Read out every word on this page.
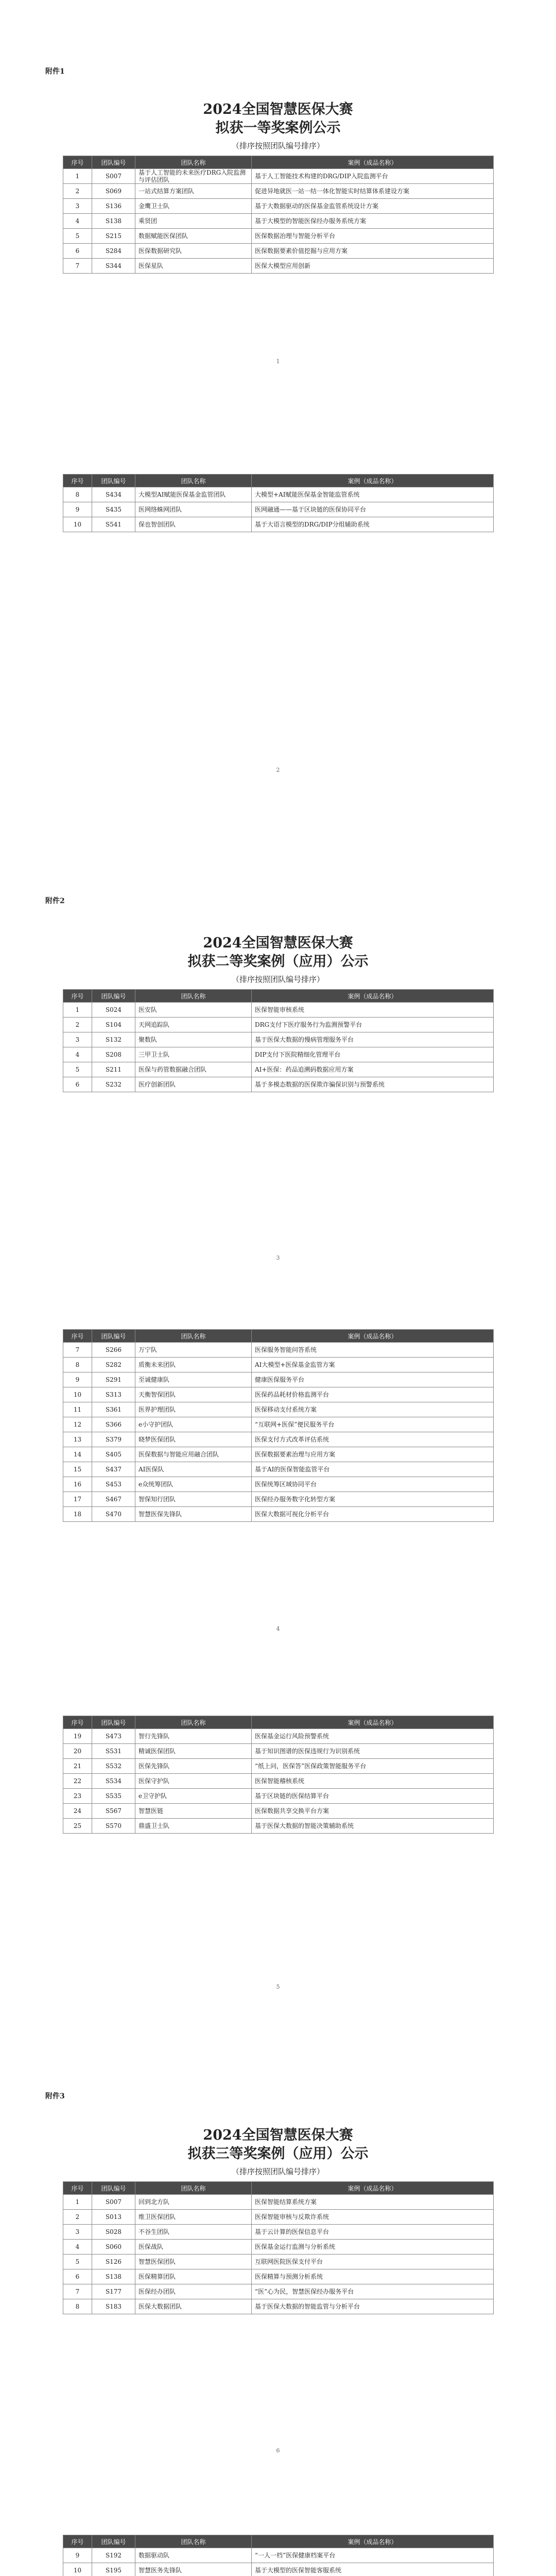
附件1
2024全国智慧医保大赛
拟获一等奖案例公示
（排序按照团队编号排序）
序号	团队编号	团队名称	案例（成品名称）
1	S007	基于人工智能的未来医疗DRG入院监测与评估团队	基于人工智能技术构建的DRG/DIP入院监测平台
2	S069	一站式结算方案团队	促进异地就医一站一结一体化智能实时结算体系建设方案
3	S136	金鹰卫士队	基于大数据驱动的医保基金监管系统设计方案
4	S138	乘贤团	基于大模型的智能医保经办服务系统方案
5	S215	数据赋能医保团队	医保数据治理与智能分析平台
6	S284	医保数据研究队	医保数据要素价值挖掘与应用方案
7	S344	医保星队	医保大模型应用创新
1
序号	团队编号	团队名称	案例（成品名称）
8	S434	大模型AI赋能医保基金监管团队	大模型+AI赋能医保基金智能监管系统
9	S435	医网络蛛网团队	医网融通——基于区块链的医保协同平台
10	S541	保也智创团队	基于大语言模型的DRG/DIP分组辅助系统
2
附件2
2024全国智慧医保大赛
拟获二等奖案例（应用）公示
（排序按照团队编号排序）
序号	团队编号	团队名称	案例（成品名称）
1	S024	医安队	医保智能审核系统
2	S104	天网追踪队	DRG支付下医疗服务行为监测预警平台
3	S132	聚数队	基于医保大数据的慢病管理服务平台
4	S208	三甲卫士队	DIP支付下医院精细化管理平台
5	S211	医保与药管数据融合团队	AI+医保：药品追溯码数据应用方案
6	S232	医疗创新团队	基于多模态数据的医保欺诈骗保识别与预警系统
3
序号	团队编号	团队名称	案例（成品名称）
7	S266	万宁队	医保服务智能问答系统
8	S282	质衡未来团队	AI大模型+医保基金监管方案
9	S291	至诚健康队	健康医保服务平台
10	S313	天衡智保团队	医保药品耗材价格监测平台
11	S361	医界护理团队	医保移动支付系统方案
12	S366	e小守护团队	“互联网+医保”便民服务平台
13	S379	晓梦医保团队	医保支付方式改革评估系统
14	S405	医保数据与智能应用融合团队	医保数据要素治理与应用方案
15	S437	AI医保队	基于AI的医保智能监管平台
16	S453	e众统筹团队	医保统筹区域协同平台
17	S467	智保知行团队	医保经办服务数字化转型方案
18	S470	智慧医保先锋队	医保大数据可视化分析平台
4
序号	团队编号	团队名称	案例（成品名称）
19	S473	智行先锋队	医保基金运行风险预警系统
20	S531	精诚医保团队	基于知识图谱的医保违规行为识别系统
21	S532	医保先锋队	“纸上问，医保答”医保政策智能服务平台
22	S534	医保守护队	医保智能稽核系统
23	S535	e卫守护队	基于区块链的医保结算平台
24	S567	智慧医链	医保数据共享交换平台方案
25	S570	鼎盛卫士队	基于医保大数据的智能决策辅助系统
5
附件3
2024全国智慧医保大赛
拟获三等奖案例（应用）公示
（排序按照团队编号排序）
序号	团队编号	团队名称	案例（成品名称）
1	S007	回到北方队	医保智能结算系统方案
2	S013	维卫医保团队	医保智能审核与反欺诈系统
3	S028	不谷生团队	基于云计算的医保信息平台
4	S060	医保战队	医保基金运行监测与分析系统
5	S126	智慧医保团队	互联网医院医保支付平台
6	S138	医保精算团队	医保精算与预测分析系统
7	S177	医保经办团队	“医”心为民，智慧医保经办服务平台
8	S183	医保大数据团队	基于医保大数据的智能监管与分析平台
6
序号	团队编号	团队名称	案例（成品名称）
9	S192	数据驱动队	“一人一档”医保健康档案平台
10	S195	智慧医务先锋队	基于大模型的医保智能客服系统
